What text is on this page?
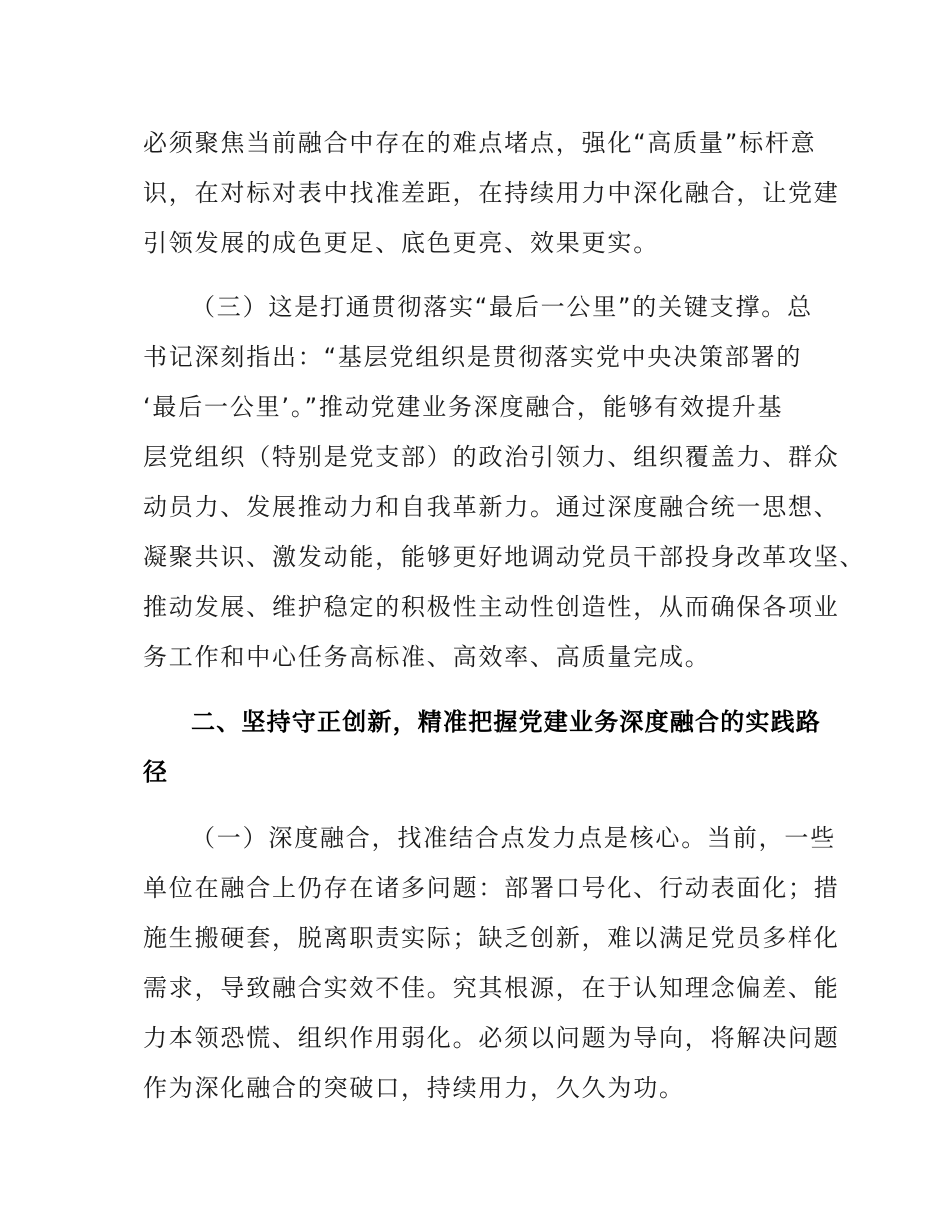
必须聚焦当前融合中存在的难点堵点，强化“高质量”标杆意
识，在对标对表中找准差距，在持续用力中深化融合，让党建
引领发展的成色更足、底色更亮、效果更实。
（三）这是打通贯彻落实“最后一公里”的关键支撑。总
书记深刻指出：“基层党组织是贯彻落实党中央决策部署的
‘最后一公里’。”推动党建业务深度融合，能够有效提升基
层党组织（特别是党支部）的政治引领力、组织覆盖力、群众
动员力、发展推动力和自我革新力。通过深度融合统一思想、
凝聚共识、激发动能，能够更好地调动党员干部投身改革攻坚、
推动发展、维护稳定的积极性主动性创造性，从而确保各项业
务工作和中心任务高标准、高效率、高质量完成。
二、坚持守正创新，精准把握党建业务深度融合的实践路
径
（一）深度融合，找准结合点发力点是核心。当前，一些
单位在融合上仍存在诸多问题：部署口号化、行动表面化；措
施生搬硬套，脱离职责实际；缺乏创新，难以满足党员多样化
需求，导致融合实效不佳。究其根源，在于认知理念偏差、能
力本领恐慌、组织作用弱化。必须以问题为导向，将解决问题
作为深化融合的突破口，持续用力，久久为功。
